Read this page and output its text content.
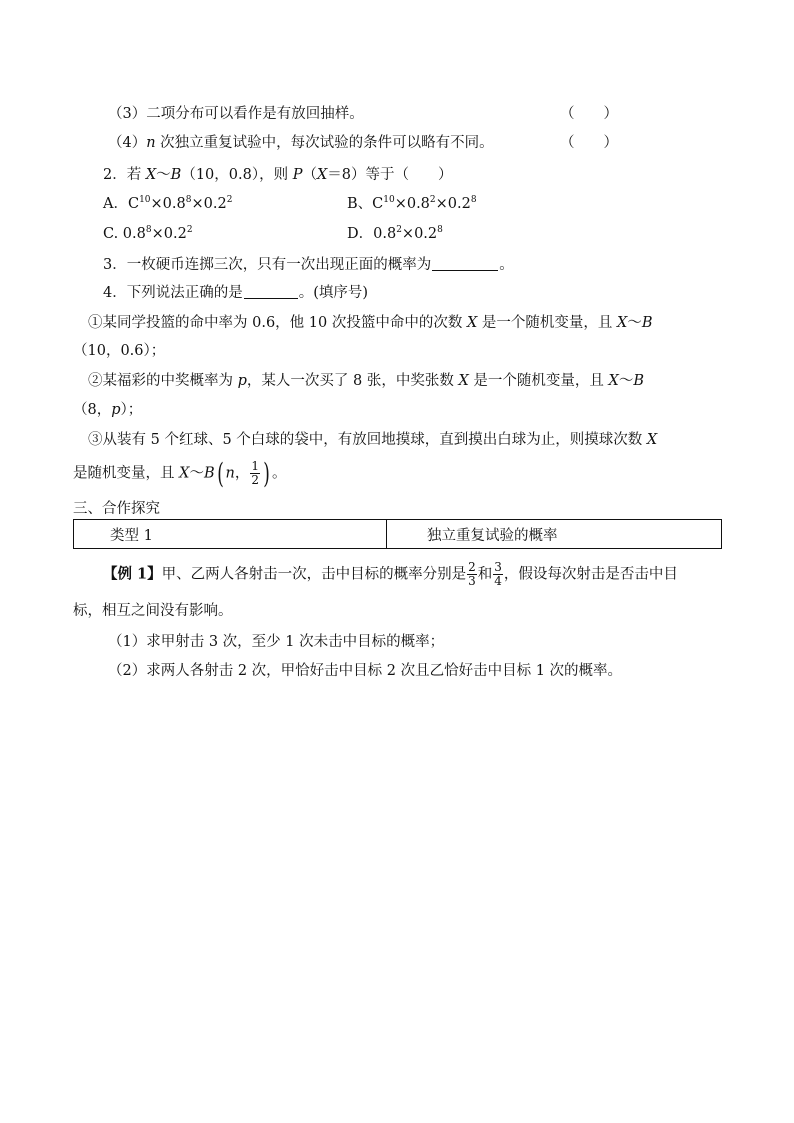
（3）二项分布可以看作是有放回抽样。	（　　）
（4）n 次独立重复试验中，每次试验的条件可以略有不同。	（　　）
2．若 X～B（10，0.8），则 P（X＝8）等于（　　）
A．$C^{10}\times 0.8^8\times 0.2^2$	B、$C^{10}\times 0.8^2\times 0.2^8$
C. $0.8^8\times 0.2^2$	D．$0.8^2\times 0.2^8$
3．一枚硬币连掷三次，只有一次出现正面的概率为	。
4．下列说法正确的是	。(填序号)
①某同学投篮的命中率为 0.6，他 10 次投篮中命中的次数 X 是一个随机变量，且 X～B
（10，0.6）；
②某福彩的中奖概率为 p，某人一次买了 8 张，中奖张数 X 是一个随机变量，且 X～B
（8，p）；
③从装有 5 个红球、5 个白球的袋中，有放回地摸球，直到摸出白球为止，则摸球次数 X
是随机变量，且 X～B( n， $\frac{1}{2}$ ) 。
三、合作探究
类型 1	独立重复试验的概率
【例 1】甲、乙两人各射击一次，击中目标的概率分别是 $\frac{2}{3}$ 和 $\frac{3}{4}$ ，假设每次射击是否击中目
标，相互之间没有影响。
（1）求甲射击 3 次，至少 1 次未击中目标的概率；
（2）求两人各射击 2 次，甲恰好击中目标 2 次且乙恰好击中目标 1 次的概率。
